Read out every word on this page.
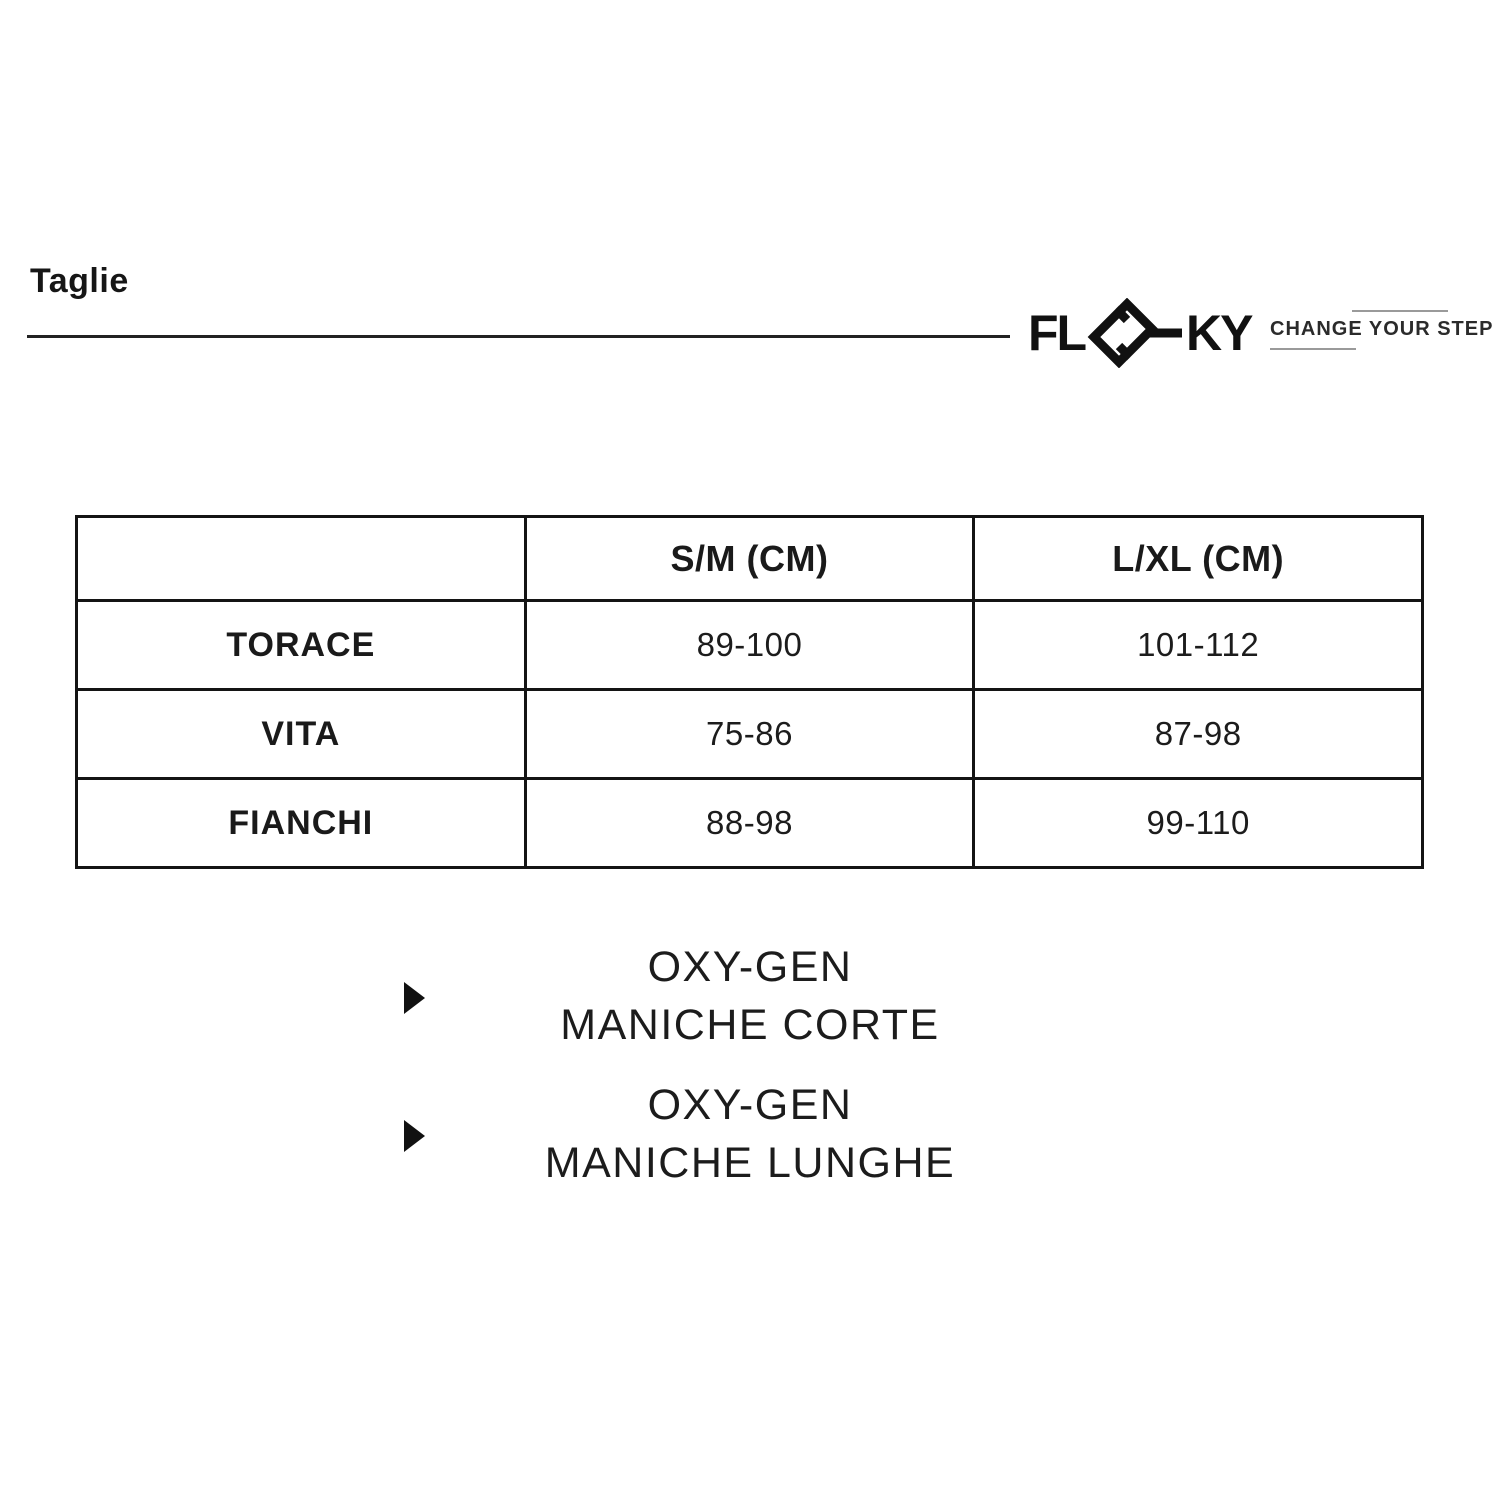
Taglie
FL KY CHANGE YOUR STEP
	S/M (CM)	L/XL (CM)
TORACE	89-100	101-112
VITA	75-86	87-98
FIANCHI	88-98	99-110
OXY-GEN
MANICHE CORTE
OXY-GEN
MANICHE LUNGHE
